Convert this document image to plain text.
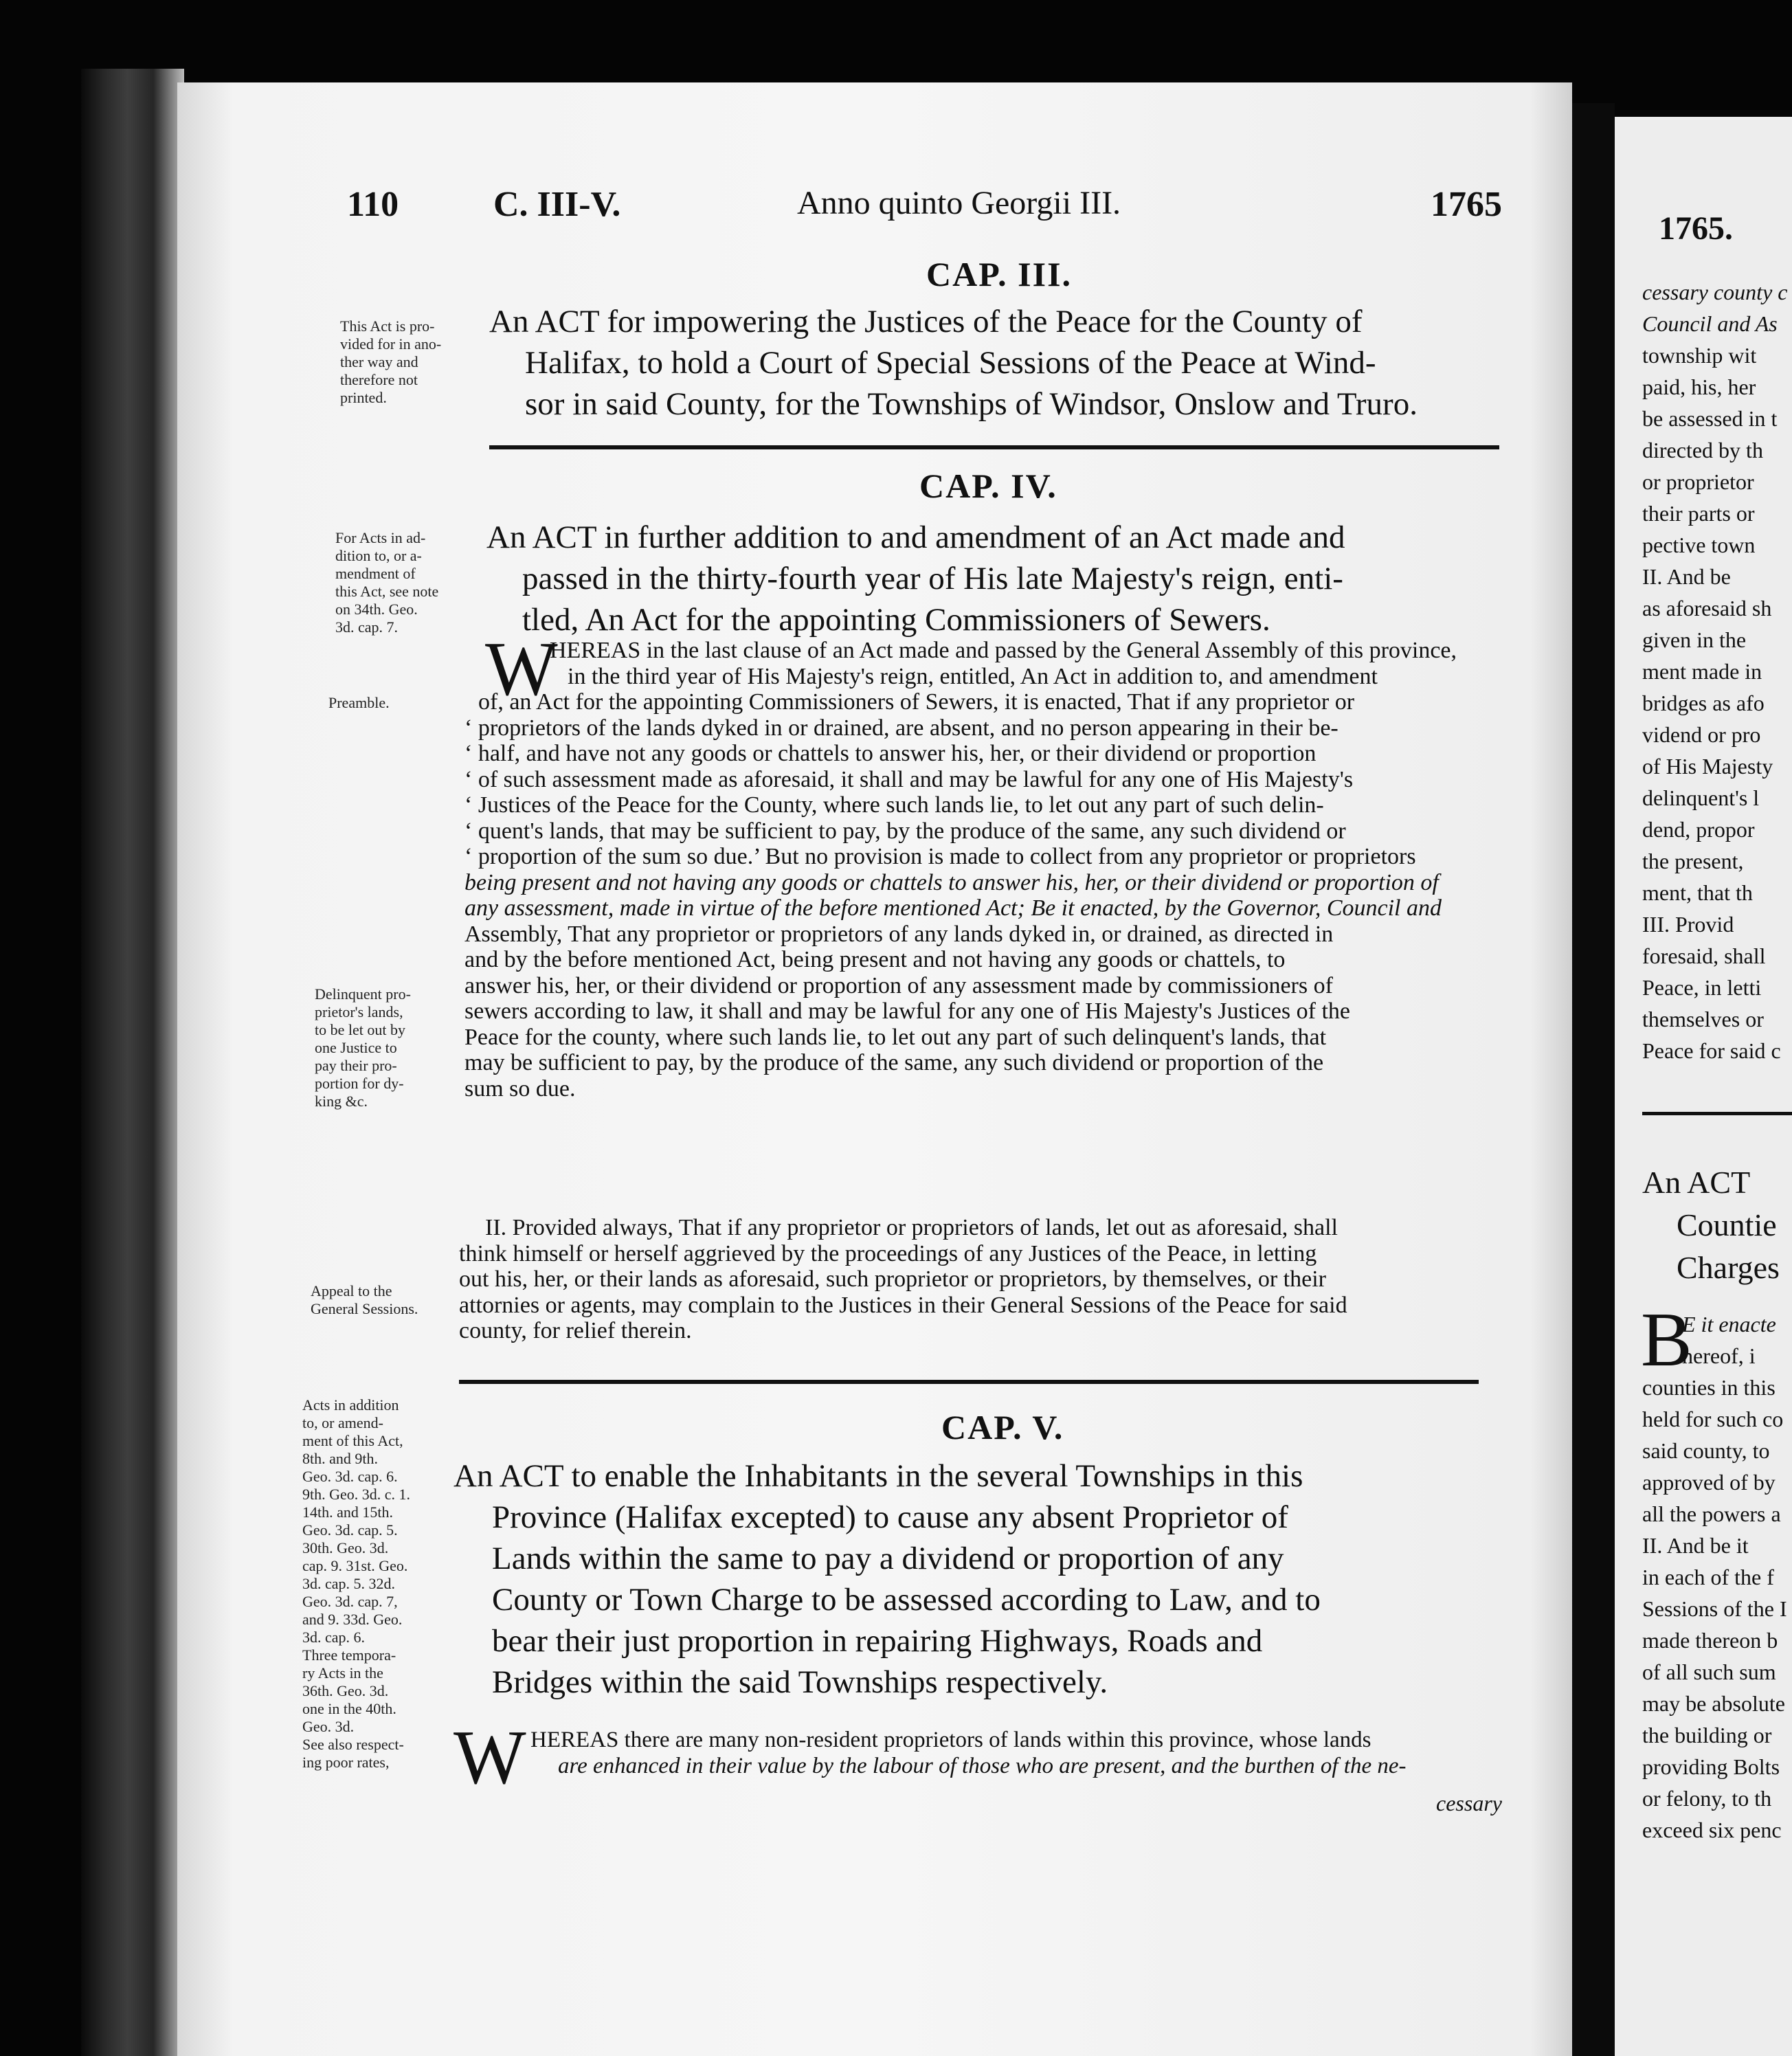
110	C. III-V.	Anno quinto Georgii III.	1765
CAP. III.
An ACT for impowering the Justices of the Peace for the County of
Halifax, to hold a Court of Special Sessions of the Peace at Wind-
sor in said County, for the Townships of Windsor, Onslow and Truro.
This Act is pro-
vided for in ano-
ther way and
therefore not
printed.
CAP. IV.
An ACT in further addition to and amendment of an Act made and
passed in the thirty-fourth year of His late Majesty's reign, enti-
tled, An Act for the appointing Commissioners of Sewers.
For Acts in ad-
dition to, or a-
mendment of
this Act, see note
on 34th. Geo.
3d. cap. 7.
Preamble. W
HEREAS in the last clause of an Act made and passed by the General Assembly of this province,
in the third year of His Majesty's reign, entitled, An Act in addition to, and amendment
of, an Act for the appointing Commissioners of Sewers, it is enacted, That if any proprietor or
‘ proprietors of the lands dyked in or drained, are absent, and no person appearing in their be-
‘ half, and have not any goods or chattels to answer his, her, or their dividend or proportion
‘ of such assessment made as aforesaid, it shall and may be lawful for any one of His Majesty's
‘ Justices of the Peace for the County, where such lands lie, to let out any part of such delin-
‘ quent's lands, that may be sufficient to pay, by the produce of the same, any such dividend or
‘ proportion of the sum so due.’ But no provision is made to collect from any proprietor or proprietors
being present and not having any goods or chattels to answer his, her, or their dividend or proportion of
any assessment, made in virtue of the before mentioned Act; Be it enacted, by the Governor, Council and
Assembly, That any proprietor or proprietors of any lands dyked in, or drained, as directed in
and by the before mentioned Act, being present and not having any goods or chattels, to
answer his, her, or their dividend or proportion of any assessment made by commissioners of
sewers according to law, it shall and may be lawful for any one of His Majesty's Justices of the
Peace for the county, where such lands lie, to let out any part of such delinquent's lands, that
may be sufficient to pay, by the produce of the same, any such dividend or proportion of the
sum so due.
Delinquent pro-
prietor's lands,
to be let out by
one Justice to
pay their pro-
portion for dy-
king &c.
II. Provided always, That if any proprietor or proprietors of lands, let out as aforesaid, shall
think himself or herself aggrieved by the proceedings of any Justices of the Peace, in letting
out his, her, or their lands as aforesaid, such proprietor or proprietors, by themselves, or their
attornies or agents, may complain to the Justices in their General Sessions of the Peace for said
county, for relief therein.
Appeal to the
General Sessions.
CAP. V.
An ACT to enable the Inhabitants in the several Townships in this
Province (Halifax excepted) to cause any absent Proprietor of
Lands within the same to pay a dividend or proportion of any
County or Town Charge to be assessed according to Law, and to
bear their just proportion in repairing Highways, Roads and
Bridges within the said Townships respectively.
Acts in addition
to, or amend-
ment of this Act,
8th. and 9th.
Geo. 3d. cap. 6.
9th. Geo. 3d. c. 1.
14th. and 15th.
Geo. 3d. cap. 5.
30th. Geo. 3d.
cap. 9. 31st. Geo.
3d. cap. 5. 32d.
Geo. 3d. cap. 7,
and 9. 33d. Geo.
3d. cap. 6.
Three tempora-
ry Acts in the
36th. Geo. 3d.
one in the 40th.
Geo. 3d.
See also respect-
ing poor rates, W HEREAS there are many non-resident proprietors of lands within this province, whose lands
are enhanced in their value by the labour of those who are present, and the burthen of the ne-
cessary
1765.
cessary county c
Council and As
township wit
paid, his, her
be assessed in t
directed by th
or proprietor
their parts or
pective town
II. And be
as aforesaid sh
given in the
ment made in
bridges as afo
vidend or pro
of His Majesty
delinquent's l
dend, propor
the present,
ment, that th
III. Provid
foresaid, shall
Peace, in letti
themselves or
Peace for said c
An ACT
Countie
Charges
B
E it enacte
hereof, i
counties in this
held for such co
said county, to
approved of by
all the powers a
II. And be it
in each of the f
Sessions of the I
made thereon b
of all such sum
may be absolute
the building or
providing Bolts
or felony, to th
exceed six penc
